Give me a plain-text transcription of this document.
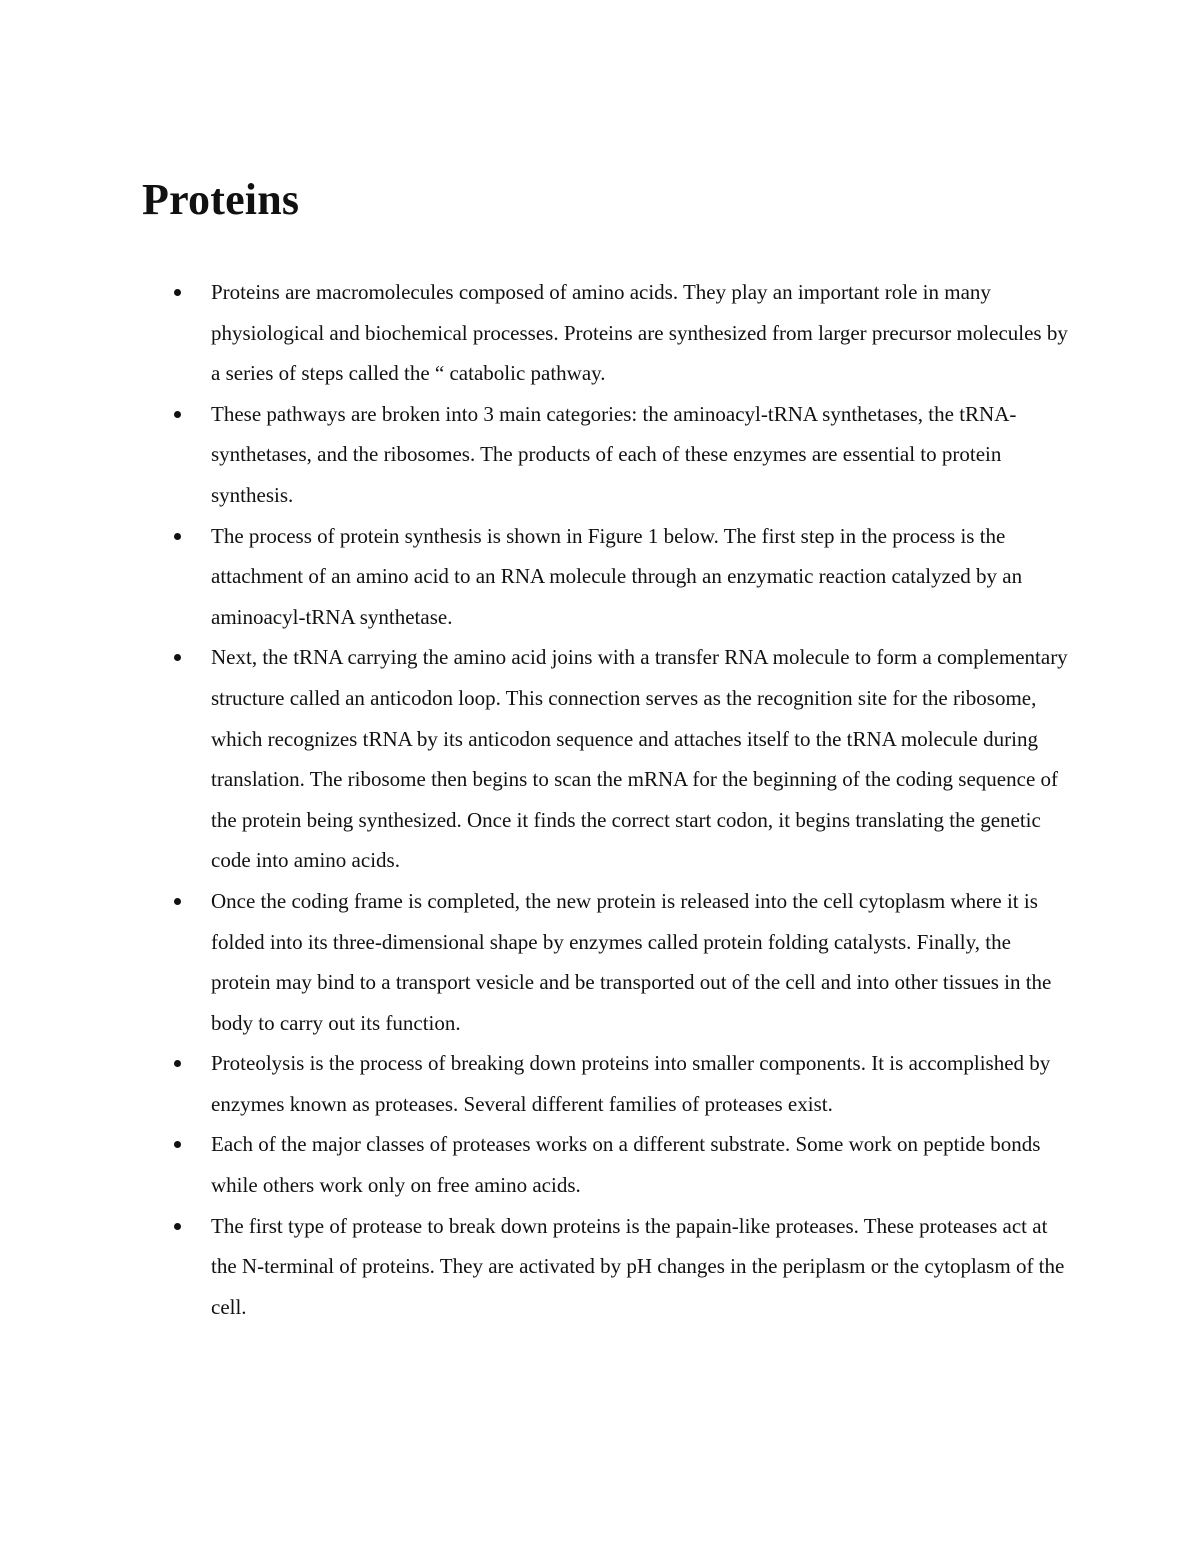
Proteins
Proteins are macromolecules composed of amino acids. They play an important role in many physiological and biochemical processes. Proteins are synthesized from larger precursor molecules by a series of steps called the “ catabolic pathway.
These pathways are broken into 3 main categories: the aminoacyl-tRNA synthetases, the tRNA-synthetases, and the ribosomes. The products of each of these enzymes are essential to protein synthesis.
The process of protein synthesis is shown in Figure 1 below. The first step in the process is the attachment of an amino acid to an RNA molecule through an enzymatic reaction catalyzed by an aminoacyl-tRNA synthetase.
Next, the tRNA carrying the amino acid joins with a transfer RNA molecule to form a complementary structure called an anticodon loop. This connection serves as the recognition site for the ribosome, which recognizes tRNA by its anticodon sequence and attaches itself to the tRNA molecule during translation. The ribosome then begins to scan the mRNA for the beginning of the coding sequence of the protein being synthesized. Once it finds the correct start codon, it begins translating the genetic code into amino acids.
Once the coding frame is completed, the new protein is released into the cell cytoplasm where it is folded into its three-dimensional shape by enzymes called protein folding catalysts. Finally, the protein may bind to a transport vesicle and be transported out of the cell and into other tissues in the body to carry out its function.
Proteolysis is the process of breaking down proteins into smaller components. It is accomplished by enzymes known as proteases. Several different families of proteases exist.
Each of the major classes of proteases works on a different substrate. Some work on peptide bonds while others work only on free amino acids.
The first type of protease to break down proteins is the papain-like proteases. These proteases act at the N-terminal of proteins. They are activated by pH changes in the periplasm or the cytoplasm of the cell.
